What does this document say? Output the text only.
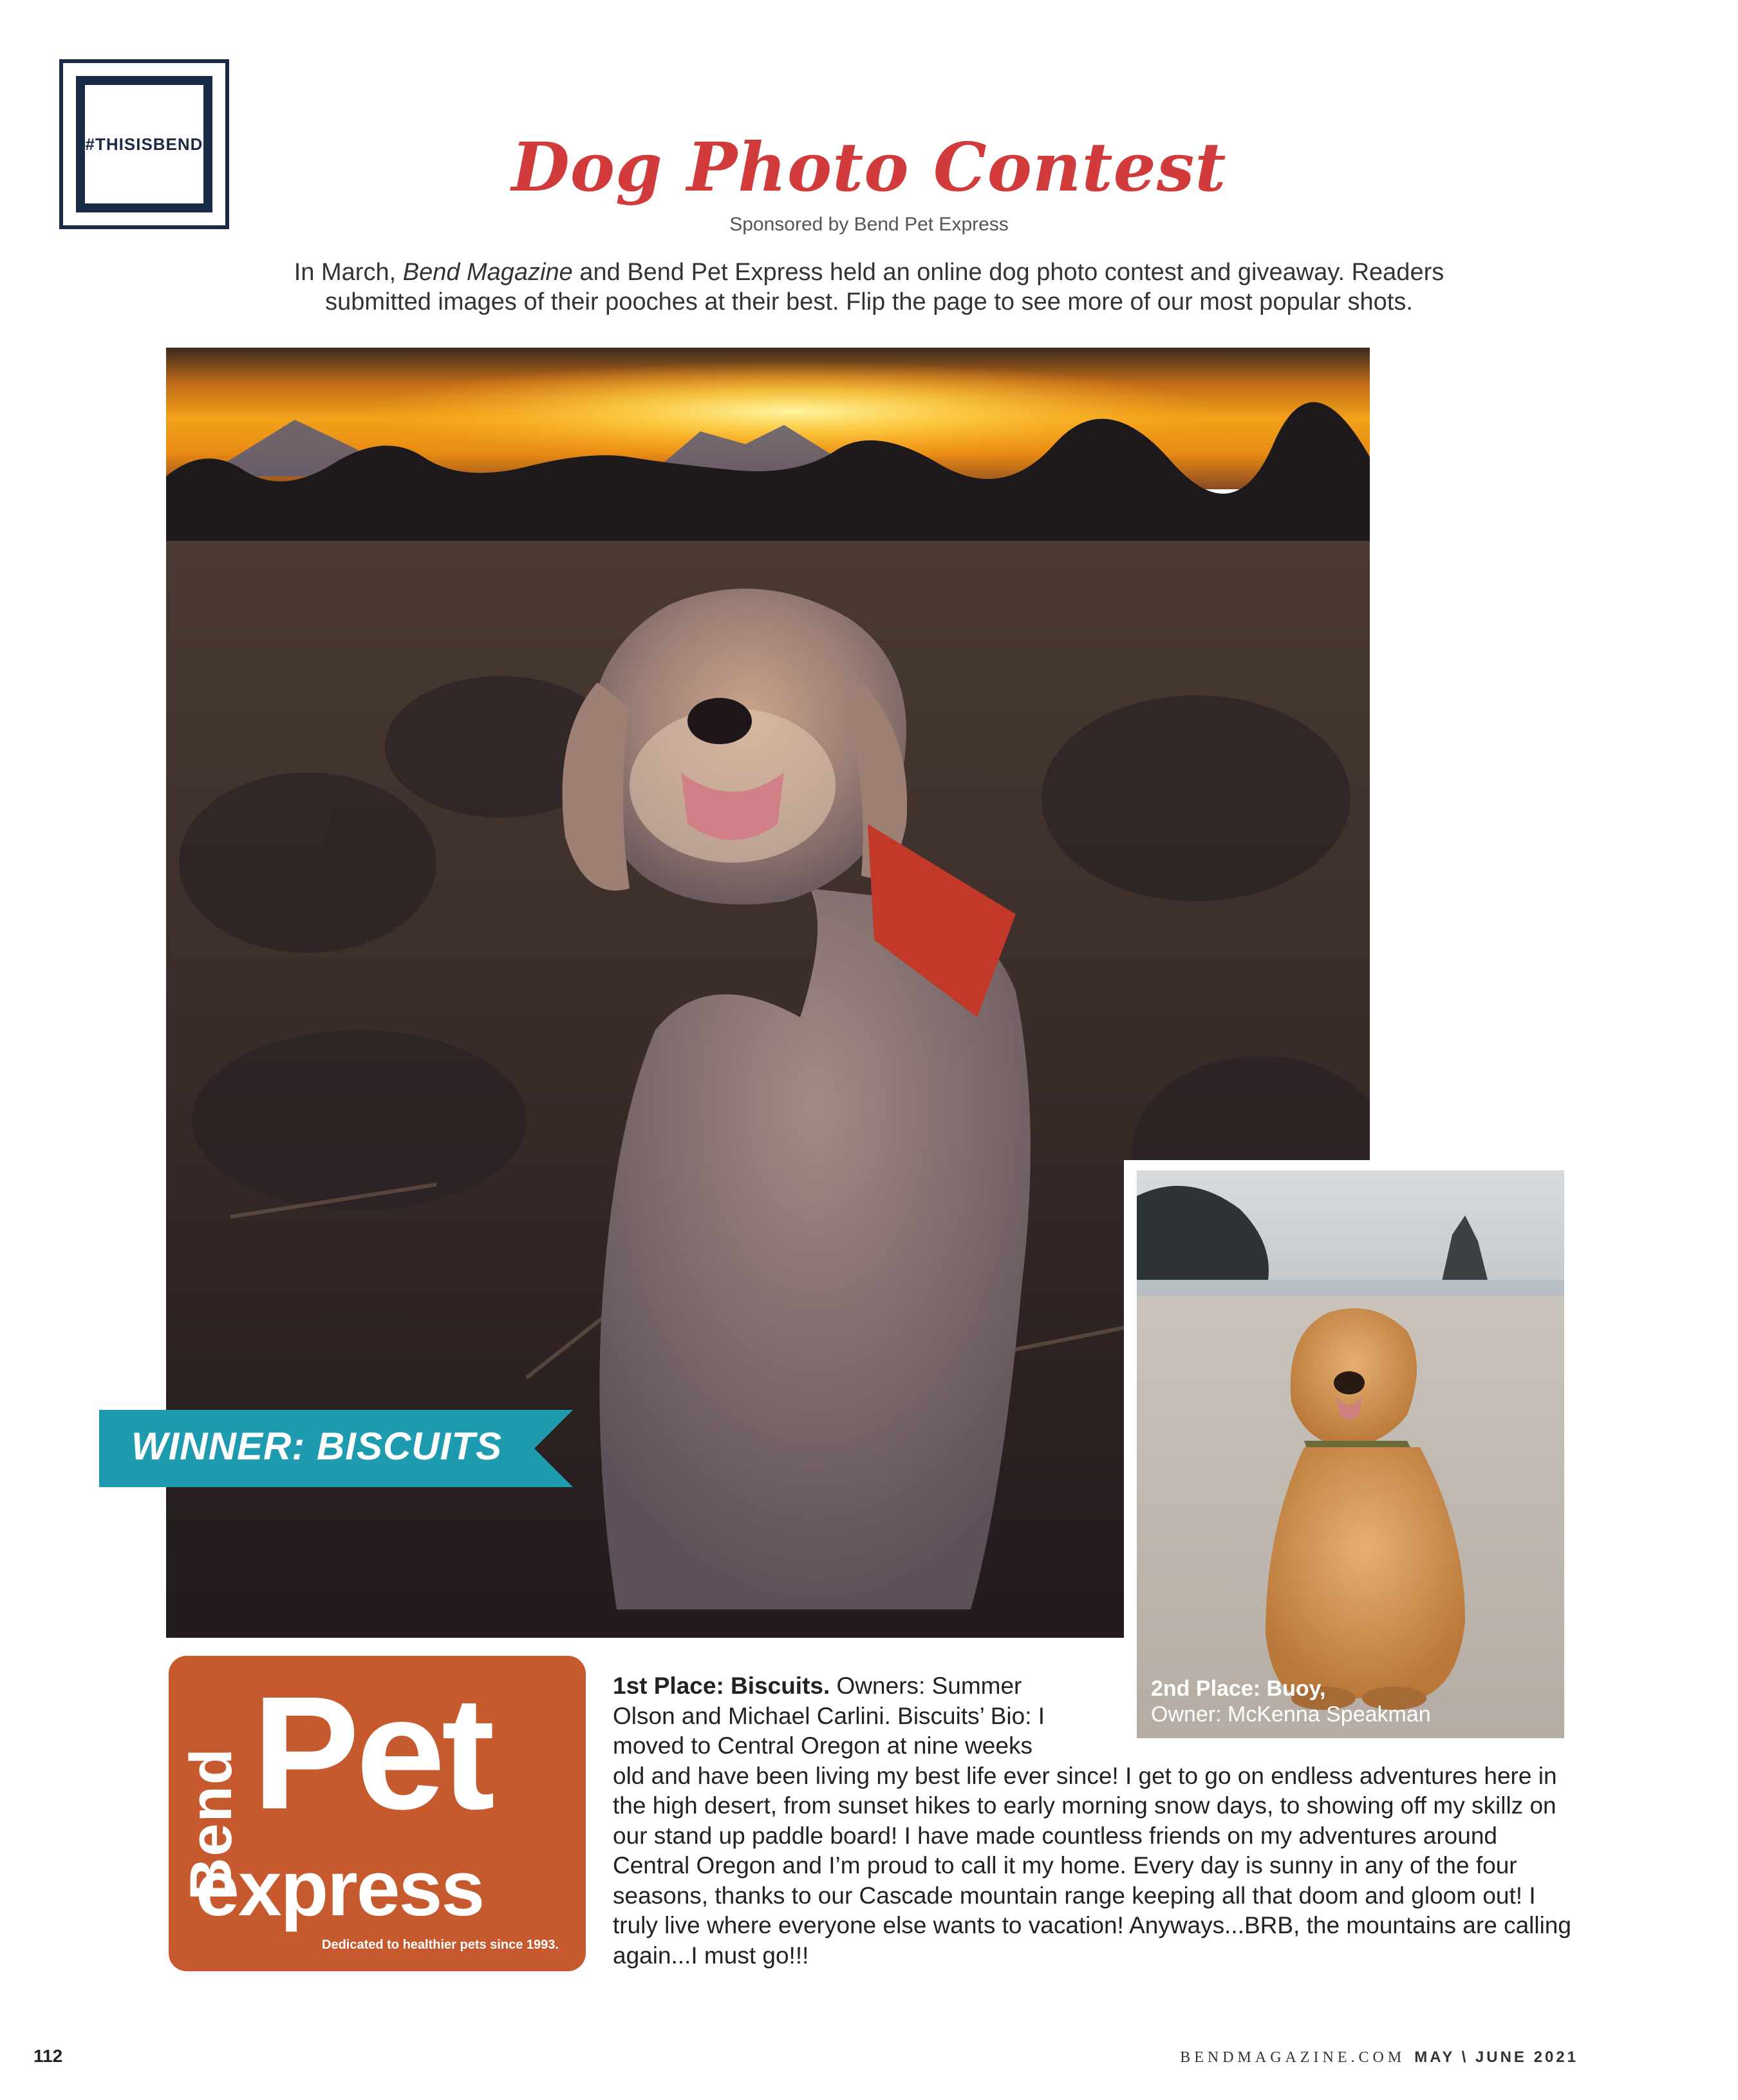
#THISISBEND	Dog Photo Contest
Sponsored by Bend Pet Express
In March, Bend Magazine and Bend Pet Express held an online dog photo contest and giveaway. Readers submitted images of their pooches at their best. Flip the page to see more of our most popular shots.
WINNER: BISCUITS
2nd Place: Buoy,
Owner: McKenna Speakman
Bend Pet
express
Dedicated to healthier pets since 1993.
1st Place: Biscuits. Owners: Summer Olson and Michael Carlini. Biscuits’ Bio: I moved to Central Oregon at nine weeks old and have been living my best life ever since! I get to go on endless adventures here in the high desert, from sunset hikes to early morning snow days, to showing off my skillz on our stand up paddle board! I have made countless friends on my adventures around Central Oregon and I’m proud to call it my home. Every day is sunny in any of the four seasons, thanks to our Cascade mountain range keeping all that doom and gloom out! I truly live where everyone else wants to vacation! Anyways...BRB, the mountains are calling again...I must go!!!
112	BENDMAGAZINE.COM MAY \ JUNE 2021
